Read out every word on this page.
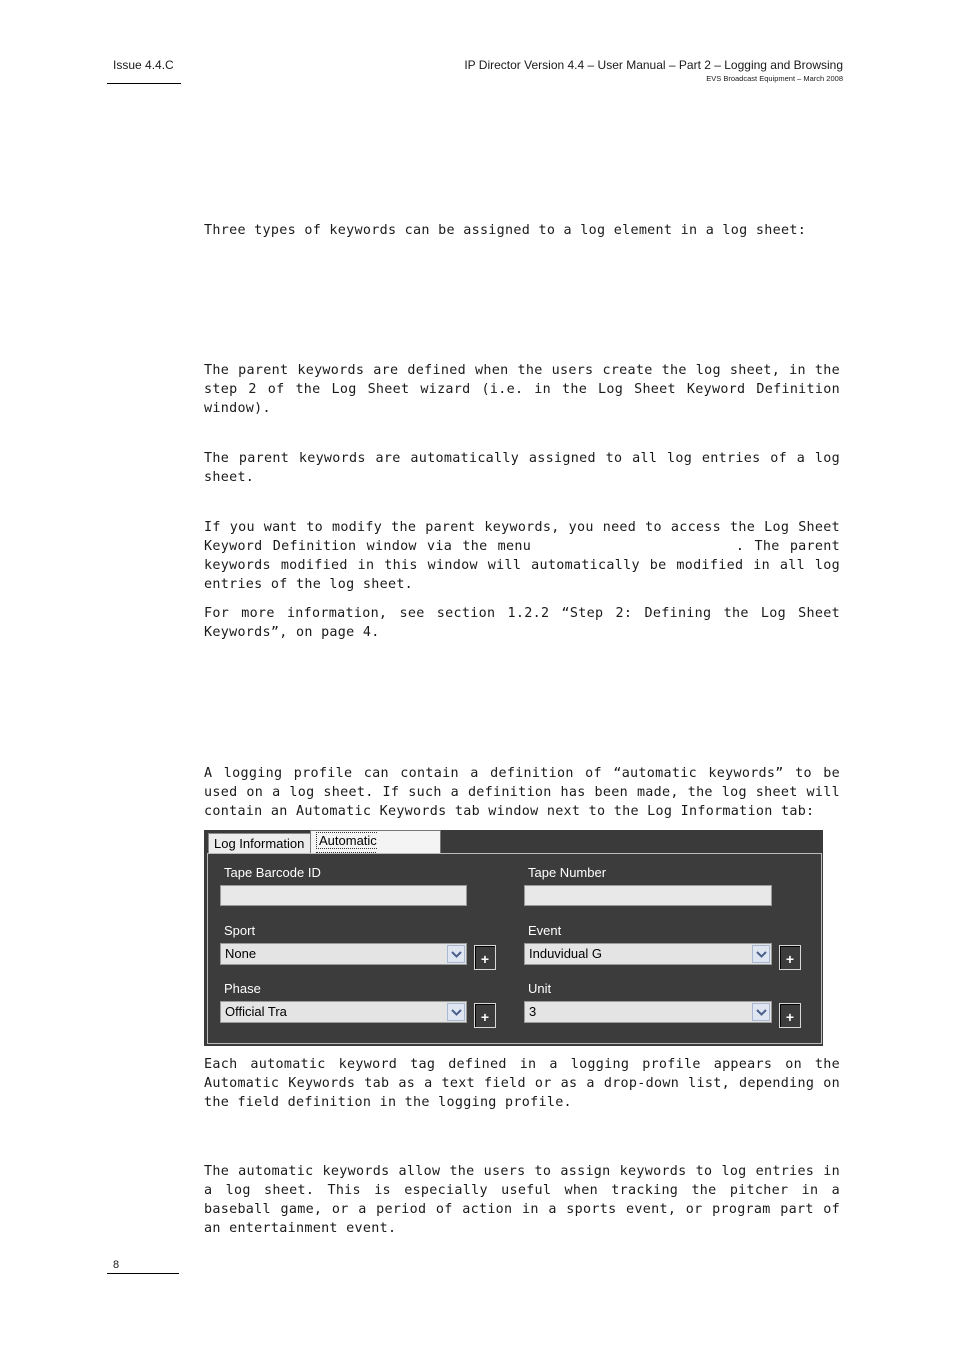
Issue 4.4.C	IP Director Version 4.4 – User Manual – Part 2 – Logging and Browsing
EVS Broadcast Equipment – March 2008

Three types of keywords can be assigned to a log element in a log sheet:

The parent keywords are defined when the users create the log sheet, in the step 2 of the Log Sheet wizard (i.e. in the Log Sheet Keyword Definition window).

The parent keywords are automatically assigned to all log entries of a log sheet.

If you want to modify the parent keywords, you need to access the Log Sheet Keyword Definition window via the menu                    . The parent keywords modified in this window will automatically be modified in all log entries of the log sheet.

For more information, see section 1.2.2 “Step 2: Defining the Log Sheet Keywords”, on page 4.

A logging profile can contain a definition of “automatic keywords” to be used on a log sheet. If such a definition has been made, the log sheet will contain an Automatic Keywords tab window next to the Log Information tab:

Log Information	Automatic
Tape Barcode ID	Tape Number
Sport
None	+
Event
Induvidual G	+
Phase
Official Tra	+
Unit
3	+

Each automatic keyword tag defined in a logging profile appears on the Automatic Keywords tab as a text field or as a drop-down list, depending on the field definition in the logging profile.

The automatic keywords allow the users to assign keywords to log entries in a log sheet. This is especially useful when tracking the pitcher in a baseball game, or a period of action in a sports event, or program part of an entertainment event.

8
